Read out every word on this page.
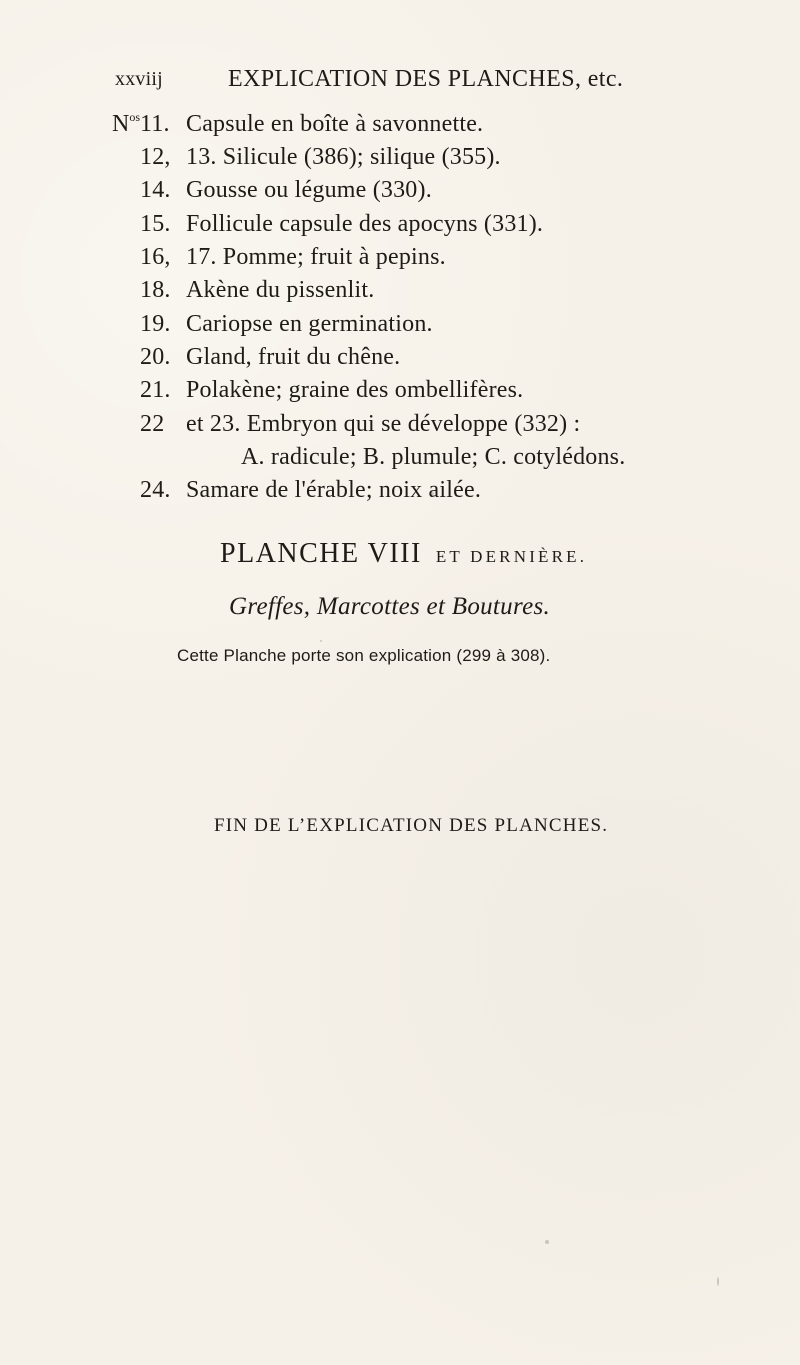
xxviij	EXPLICATION DES PLANCHES, etc.
$N^{os}$ 11. Capsule en boîte à savonnette.
12, 13. Silicule (386); silique (355).
14. Gousse ou légume (330).
15. Follicule capsule des apocyns (331).
16, 17. Pomme; fruit à pepins.
18. Akène du pissenlit.
19. Cariopse en germination.
20. Gland, fruit du chêne.
21. Polakène; graine des ombellifères.
22 et 23. Embryon qui se développe (332) :
A. radicule; B. plumule; C. cotylédons.
24. Samare de l'érable; noix ailée.
PLANCHE VIII ET DERNIÈRE.
Greffes, Marcottes et Boutures.
Cette Planche porte son explication (299 à 308).
FIN DE L’EXPLICATION DES PLANCHES.
